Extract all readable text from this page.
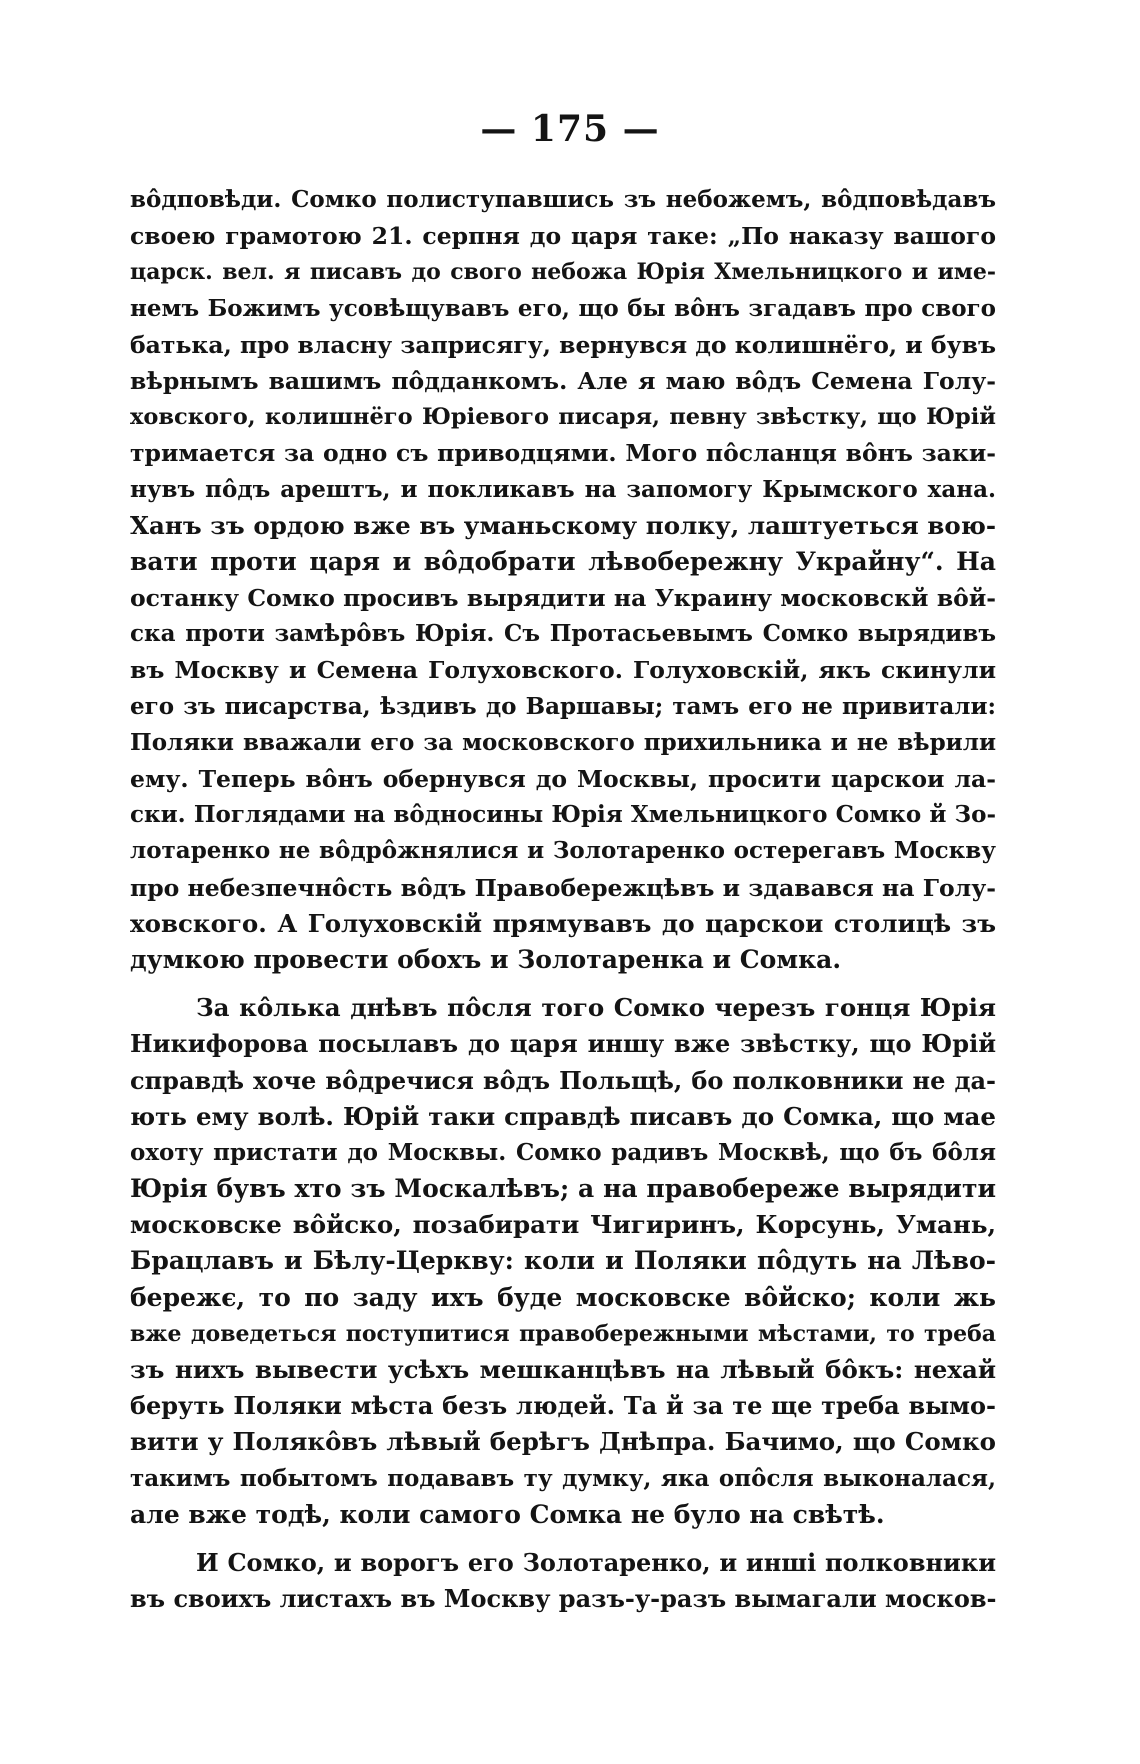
— 175 —
вôдповѣди. Сомко полиступавшись зъ небожемъ, вôдповѣдавъ
своею грамотою 21. серпня до царя таке: „По наказу вашого
царск. вел. я писавъ до свого небожа Юрія Хмельницкого и име-
немъ Божимъ усовѣщувавъ его, що бы вôнъ згадавъ про свого
батька, про власну заприсягу, вернувся до колишнёго, и бувъ
вѣрнымъ вашимъ пôдданкомъ. Але я маю вôдъ Семена Голу-
ховского, колишнёго Юріевого писаря, певну звѣстку, що Юрій
тримается за одно съ приводцями. Мого пôсланця вôнъ заки-
нувъ пôдъ арештъ, и покликавъ на запомогу Крымского хана.
Ханъ зъ ордою вже въ уманьскому полку, лаштуеться вою-
вати проти царя и вôдобрати лѣвобережну Украйну“. На
останку Сомко просивъ вырядити на Украину московскй вôй-
ска проти замѣрôвъ Юрія. Съ Протасьевымъ Сомко вырядивъ
въ Москву и Семена Голуховского. Голуховскій, якъ скинули
его зъ писарства, ѣздивъ до Варшавы; тамъ его не привитали:
Поляки вважали его за московского прихильника и не вѣрили
ему. Теперь вôнъ обернувся до Москвы, просити царскои ла-
ски. Поглядами на вôдносины Юрія Хмельницкого Сомко й Зо-
лотаренко не вôдрôжнялися и Золотаренко остерегавъ Москву
про небезпечнôсть вôдъ Правобережцѣвъ и здавався на Голу-
ховского. А Голуховскій прямувавъ до царскои столицѣ зъ
думкою провести обохъ и Золотаренка и Сомка.
За кôлька днѣвъ пôсля того Сомко черезъ гонця Юрія
Никифорова посылавъ до царя иншу вже звѣстку, що Юрій
справдѣ хоче вôдречися вôдъ Польщѣ, бо полковники не да-
ють ему волѣ. Юрій таки справдѣ писавъ до Сомка, що мае
охоту пристати до Москвы. Сомко радивъ Москвѣ, що бъ бôля
Юрія бувъ хто зъ Москалѣвъ; а на правобереже вырядити
московске вôйско, позабирати Чигиринъ, Корсунь, Умань,
Брацлавъ и Бѣлу-Церкву: коли и Поляки пôдуть на Лѣво-
бережє, то по заду ихъ буде московске вôйско; коли жь
вже доведеться поступитися правобережными мѣстами, то треба
зъ нихъ вывести усѣхъ мешканцѣвъ на лѣвый бôкъ: нехай
беруть Поляки мѣста безъ людей. Та й за те ще треба вымо-
вити у Полякôвъ лѣвый берѣгъ Днѣпра. Бачимо, що Сомко
такимъ побытомъ подававъ ту думку, яка опôсля выконалася,
але вже тодѣ, коли самого Сомка не було на свѣтѣ.
И Сомко, и ворогъ его Золотаренко, и инші полковники
въ своихъ листахъ въ Москву разъ-у-разъ вымагали москов-
